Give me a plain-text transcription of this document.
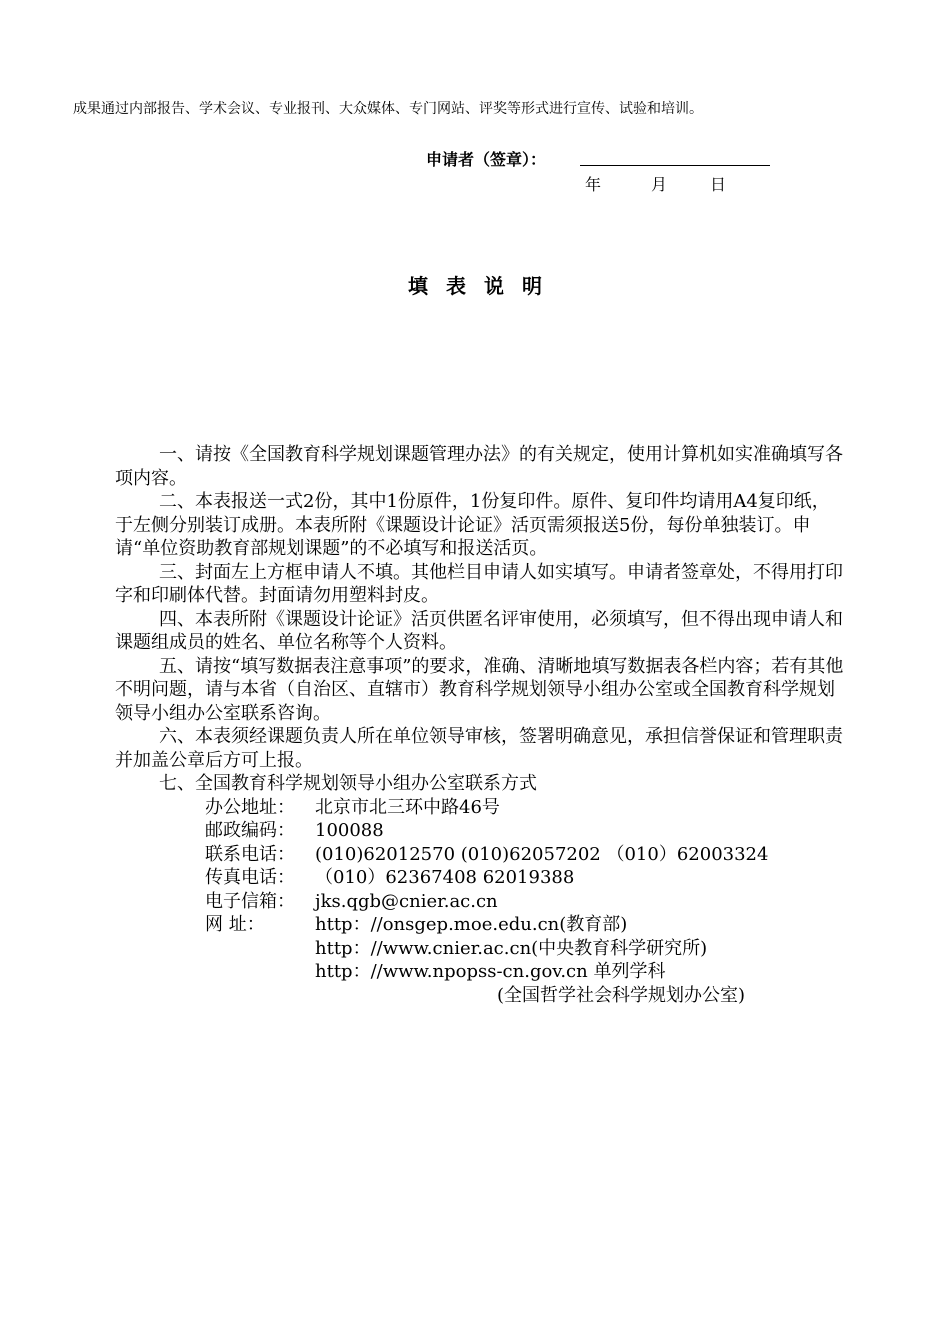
成果通过内部报告、学术会议、专业报刊、大众媒体、专门网站、评奖等形式进行宣传、试验和培训。
申请者（签章）：
年	月	日
填表说明

一、请按《全国教育科学规划课题管理办法》的有关规定，使用计算机如实准确填写各项内容。

二、本表报送一式2份，其中1份原件，1份复印件。原件、复印件均请用A4复印纸，于左侧分别装订成册。本表所附《课题设计论证》活页需须报送5份，每份单独装订。申请“单位资助教育部规划课题”的不必填写和报送活页。

三、封面左上方框申请人不填。其他栏目申请人如实填写。申请者签章处，不得用打印字和印刷体代替。封面请勿用塑料封皮。

四、本表所附《课题设计论证》活页供匿名评审使用，必须填写，但不得出现申请人和课题组成员的姓名、单位名称等个人资料。

五、请按“填写数据表注意事项”的要求，准确、清晰地填写数据表各栏内容；若有其他不明问题，请与本省（自治区、直辖市）教育科学规划领导小组办公室或全国教育科学规划领导小组办公室联系咨询。

六、本表须经课题负责人所在单位领导审核，签署明确意见，承担信誉保证和管理职责并加盖公章后方可上报。

七、全国教育科学规划领导小组办公室联系方式

办公地址： 北京市北三环中路46号

邮政编码： 100088

联系电话： (010)62012570 (010)62057202 （010）62003324

传真电话： （010）62367408 62019388

电子信箱： jks.qgb@cnier.ac.cn

网 址：	http：//onsgep.moe.edu.cn(教育部)

http：//www.cnier.ac.cn(中央教育科学研究所)

http：//www.npopss-cn.gov.cn 单列学科

(全国哲学社会科学规划办公室)
